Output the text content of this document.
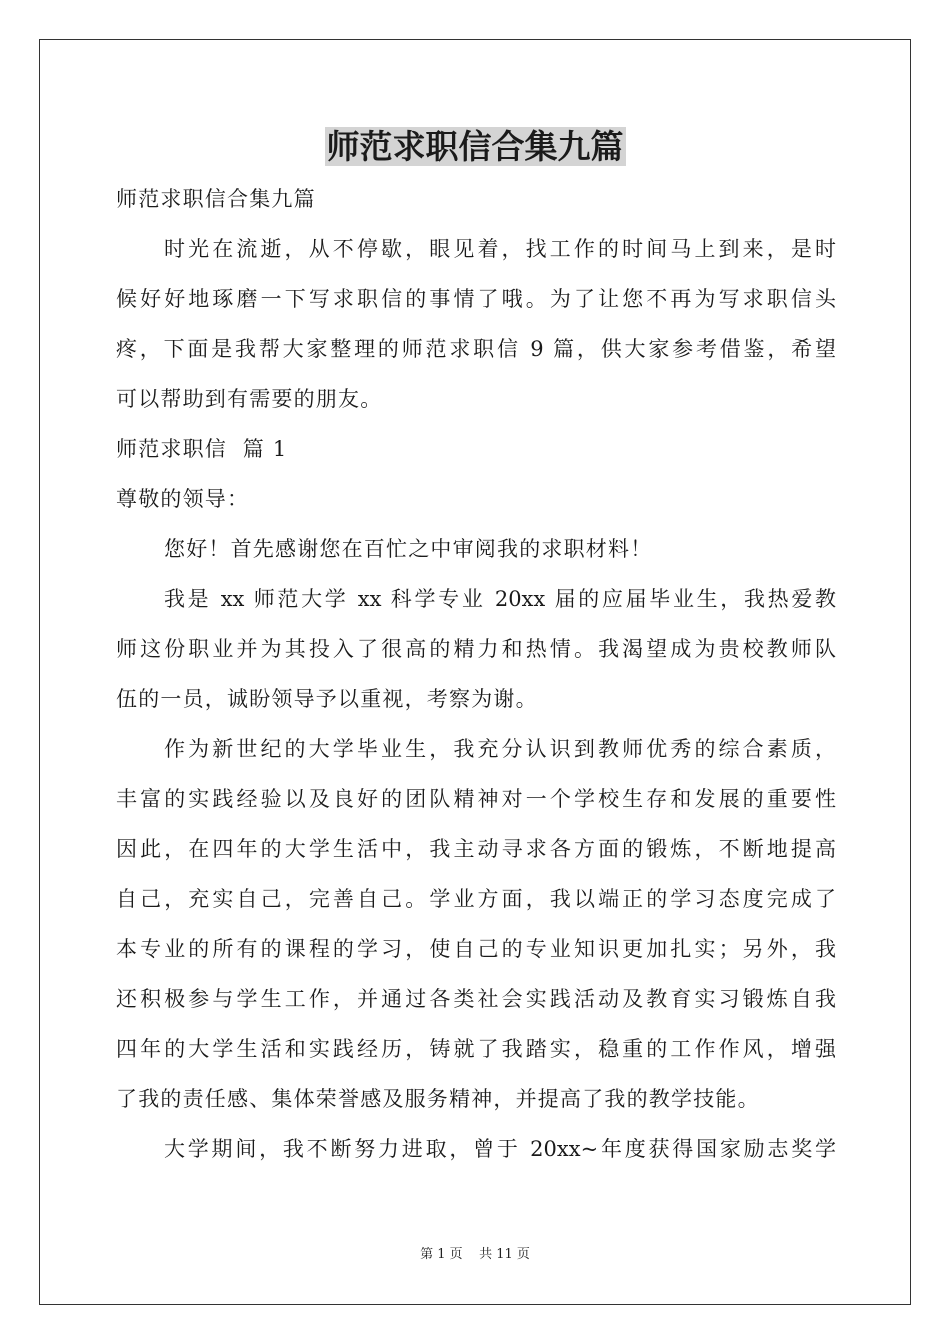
师范求职信合集九篇

师范求职信合集九篇

时光在流逝，从不停歇，眼见着，找工作的时间马上到来，是时

候好好地琢磨一下写求职信的事情了哦。为了让您不再为写求职信头

疼，下面是我帮大家整理的师范求职信 9 篇，供大家参考借鉴，希望

可以帮助到有需要的朋友。

师范求职信  篇 1

尊敬的领导：

您好！首先感谢您在百忙之中审阅我的求职材料！

我是 xx 师范大学 xx 科学专业 20xx 届的应届毕业生，我热爱教

师这份职业并为其投入了很高的精力和热情。我渴望成为贵校教师队

伍的一员，诚盼领导予以重视，考察为谢。

作为新世纪的大学毕业生，我充分认识到教师优秀的综合素质，

丰富的实践经验以及良好的团队精神对一个学校生存和发展的重要性

因此，在四年的大学生活中，我主动寻求各方面的锻炼，不断地提高

自己，充实自己，完善自己。学业方面，我以端正的学习态度完成了

本专业的所有的课程的学习，使自己的专业知识更加扎实；另外，我

还积极参与学生工作，并通过各类社会实践活动及教育实习锻炼自我

四年的大学生活和实践经历，铸就了我踏实，稳重的工作作风，增强

了我的责任感、集体荣誉感及服务精神，并提高了我的教学技能。

大学期间，我不断努力进取，曾于 20xx~年度获得国家励志奖学

第 1 页    共 11 页
